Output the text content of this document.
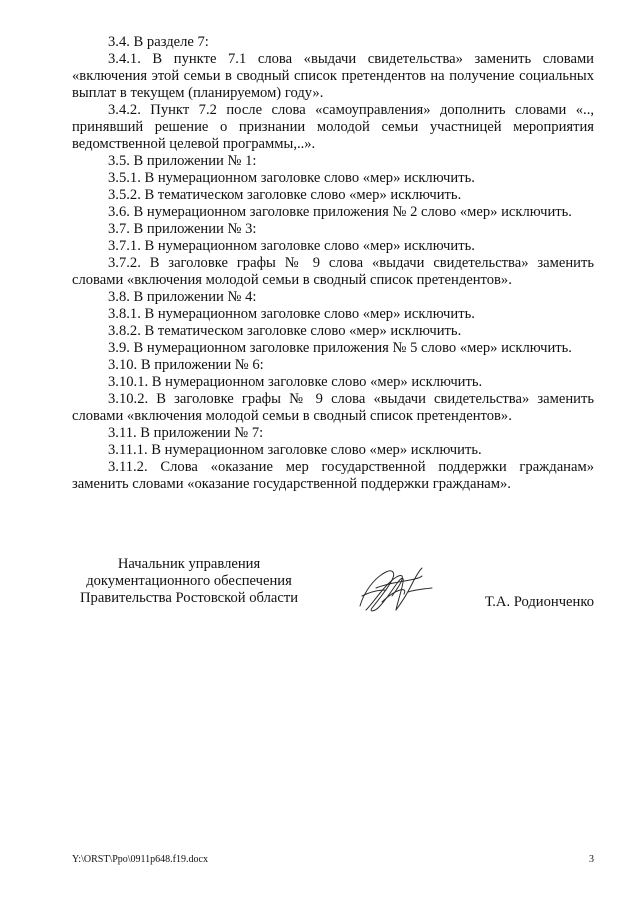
3.4. В разделе 7:

3.4.1. В пункте 7.1 слова «выдачи свидетельства» заменить словами «включения этой семьи в сводный список претендентов на получение социальных выплат в текущем (планируемом) году».

3.4.2. Пункт 7.2 после слова «самоуправления» дополнить словами «.., принявший решение о признании молодой семьи участницей мероприятия ведомственной целевой программы,..».

3.5. В приложении № 1:

3.5.1. В нумерационном заголовке слово «мер» исключить.

3.5.2. В тематическом заголовке слово «мер» исключить.

3.6. В нумерационном заголовке приложения № 2 слово «мер» исключить.

3.7. В приложении № 3:

3.7.1. В нумерационном заголовке слово «мер» исключить.

3.7.2. В заголовке графы № 9 слова «выдачи свидетельства» заменить словами «включения молодой семьи в сводный список претендентов».

3.8. В приложении № 4:

3.8.1. В нумерационном заголовке слово «мер» исключить.

3.8.2. В тематическом заголовке слово «мер» исключить.

3.9. В нумерационном заголовке приложения № 5 слово «мер» исключить.

3.10. В приложении № 6:

3.10.1. В нумерационном заголовке слово «мер» исключить.

3.10.2. В заголовке графы № 9 слова «выдачи свидетельства» заменить словами «включения молодой семьи в сводный список претендентов».

3.11. В приложении № 7:

3.11.1. В нумерационном заголовке слово «мер» исключить.

3.11.2. Слова «оказание мер государственной поддержки гражданам» заменить словами «оказание государственной поддержки гражданам».

Начальник управления
документационного обеспечения
Правительства Ростовской области	Т.А. Родионченко
Y:\ORST\Ppo\0911p648.f19.docx	3
